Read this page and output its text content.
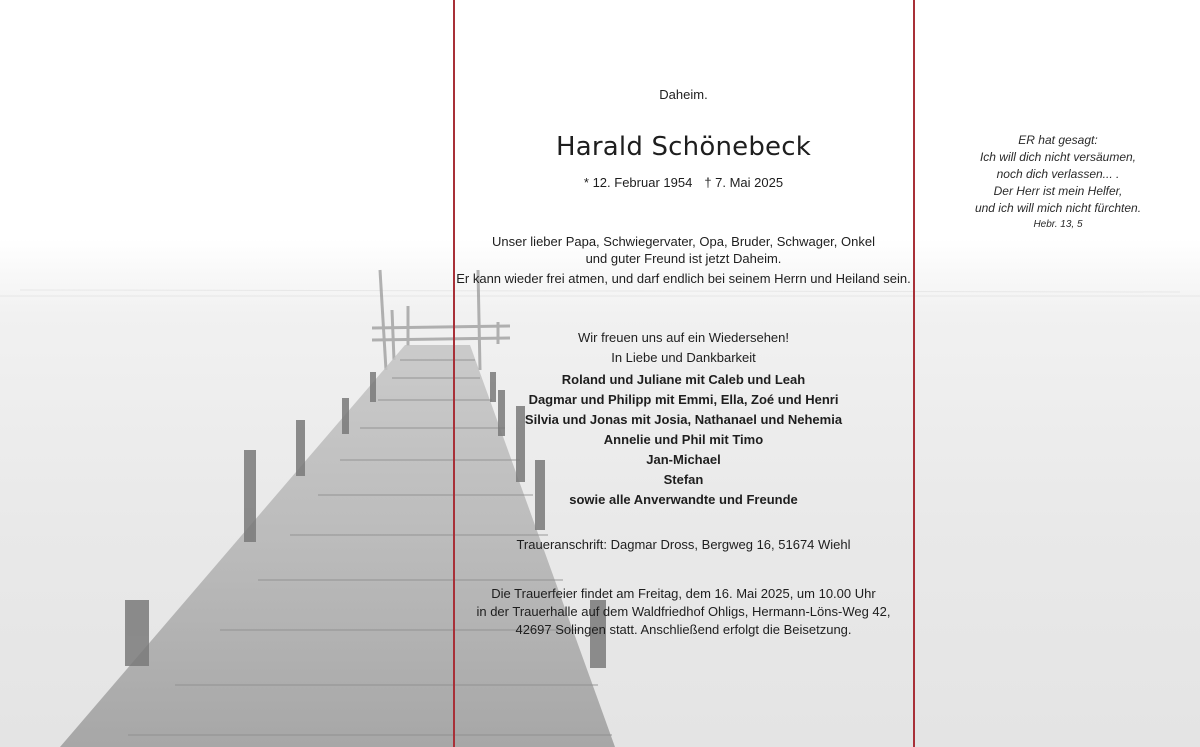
Daheim.
Harald Schönebeck
* 12. Februar 1954 † 7. Mai 2025
Unser lieber Papa, Schwiegervater, Opa, Bruder, Schwager, Onkel
und guter Freund ist jetzt Daheim.
Er kann wieder frei atmen, und darf endlich bei seinem Herrn und Heiland sein.
Wir freuen uns auf ein Wiedersehen!
In Liebe und Dankbarkeit
Roland und Juliane mit Caleb und Leah
Dagmar und Philipp mit Emmi, Ella, Zoé und Henri
Silvia und Jonas mit Josia, Nathanael und Nehemia
Annelie und Phil mit Timo
Jan-Michael
Stefan
sowie alle Anverwandte und Freunde
Traueranschrift: Dagmar Dross, Bergweg 16, 51674 Wiehl
Die Trauerfeier findet am Freitag, dem 16. Mai 2025, um 10.00 Uhr
in der Trauerhalle auf dem Waldfriedhof Ohligs, Hermann-Löns-Weg 42,
42697 Solingen statt. Anschließend erfolgt die Beisetzung.
ER hat gesagt:
Ich will dich nicht versäumen,
noch dich verlassen... .
Der Herr ist mein Helfer,
und ich will mich nicht fürchten.
Hebr. 13, 5
